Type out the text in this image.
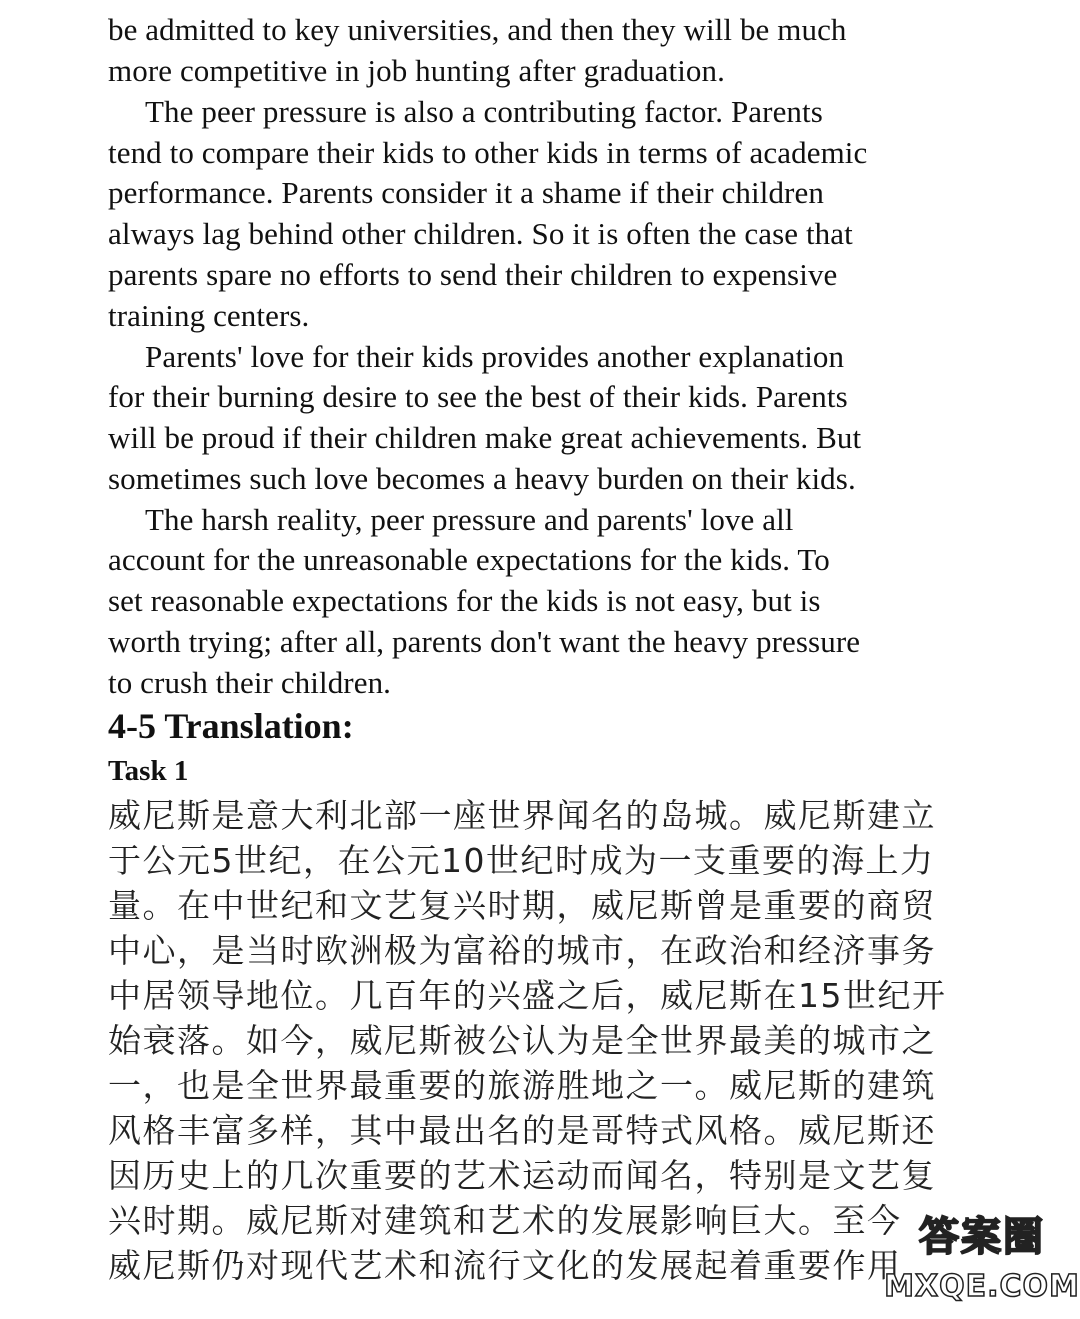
be admitted to key universities, and then they will be much
more competitive in job hunting after graduation.
The peer pressure is also a contributing factor. Parents
tend to compare their kids to other kids in terms of academic
performance. Parents consider it a shame if their children
always lag behind other children. So it is often the case that
parents spare no efforts to send their children to expensive
training centers.
Parents' love for their kids provides another explanation
for their burning desire to see the best of their kids. Parents
will be proud if their children make great achievements. But
sometimes such love becomes a heavy burden on their kids.
The harsh reality, peer pressure and parents' love all
account for the unreasonable expectations for the kids. To
set reasonable expectations for the kids is not easy, but is
worth trying; after all, parents don't want the heavy pressure
to crush their children.
4-5 Translation:
Task 1
威尼斯是意大利北部一座世界闻名的岛城。威尼斯建立
于公元5世纪，在公元10世纪时成为一支重要的海上力
量。在中世纪和文艺复兴时期，威尼斯曾是重要的商贸
中心，是当时欧洲极为富裕的城市，在政治和经济事务
中居领导地位。几百年的兴盛之后，威尼斯在15世纪开
始衰落。如今，威尼斯被公认为是全世界最美的城市之
一，也是全世界最重要的旅游胜地之一。威尼斯的建筑
风格丰富多样，其中最出名的是哥特式风格。威尼斯还
因历史上的几次重要的艺术运动而闻名，特别是文艺复
兴时期。威尼斯对建筑和艺术的发展影响巨大。至今
威尼斯仍对现代艺术和流行文化的发展起着重要作用
答案圈
MXQE.COM
